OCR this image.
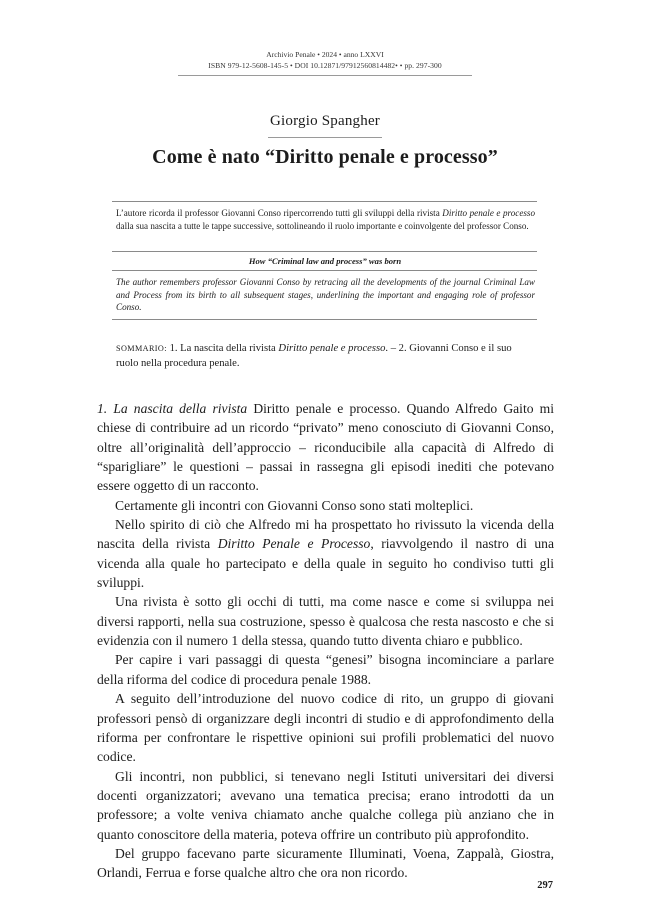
Archivio Penale • 2024 • anno LXXVI
ISBN 979-12-5608-145-5 • DOI 10.12871/97912560814482• • pp. 297-300
Giorgio Spangher
Come è nato “Diritto penale e processo”
L’autore ricorda il professor Giovanni Conso ripercorrendo tutti gli sviluppi della rivista Diritto penale e processo dalla sua nascita a tutte le tappe successive, sottolineando il ruolo importante e coinvolgente del professor Conso.
How “Criminal law and process” was born
The author remembers professor Giovanni Conso by retracing all the developments of the journal Criminal Law and Process from its birth to all subsequent stages, underlining the important and engaging role of professor Conso.
SOMMARIO: 1. La nascita della rivista Diritto penale e processo. – 2. Giovanni Conso e il suo ruolo nella procedura penale.

1. La nascita della rivista Diritto penale e processo. Quando Alfredo Gaito mi chiese di contribuire ad un ricordo “privato” meno conosciuto di Giovanni Conso, oltre all’originalità dell’approccio – riconducibile alla capacità di Alfredo di “sparigliare” le questioni – passai in rassegna gli episodi inediti che potevano essere oggetto di un racconto.

Certamente gli incontri con Giovanni Conso sono stati molteplici.

Nello spirito di ciò che Alfredo mi ha prospettato ho rivissuto la vicenda della nascita della rivista Diritto Penale e Processo, riavvolgendo il nastro di una vicenda alla quale ho partecipato e della quale in seguito ho condiviso tutti gli sviluppi.

Una rivista è sotto gli occhi di tutti, ma come nasce e come si sviluppa nei diversi rapporti, nella sua costruzione, spesso è qualcosa che resta nascosto e che si evidenzia con il numero 1 della stessa, quando tutto diventa chiaro e pubblico.

Per capire i vari passaggi di questa “genesi” bisogna incominciare a parlare della riforma del codice di procedura penale 1988.

A seguito dell’introduzione del nuovo codice di rito, un gruppo di giovani professori pensò di organizzare degli incontri di studio e di approfondimento della riforma per confrontare le rispettive opinioni sui profili problematici del nuovo codice.

Gli incontri, non pubblici, si tenevano negli Istituti universitari dei diversi docenti organizzatori; avevano una tematica precisa; erano introdotti da un professore; a volte veniva chiamato anche qualche collega più anziano che in quanto conoscitore della materia, poteva offrire un contributo più approfondito.

Del gruppo facevano parte sicuramente Illuminati, Voena, Zappalà, Giostra, Orlandi, Ferrua e forse qualche altro che ora non ricordo.

297
